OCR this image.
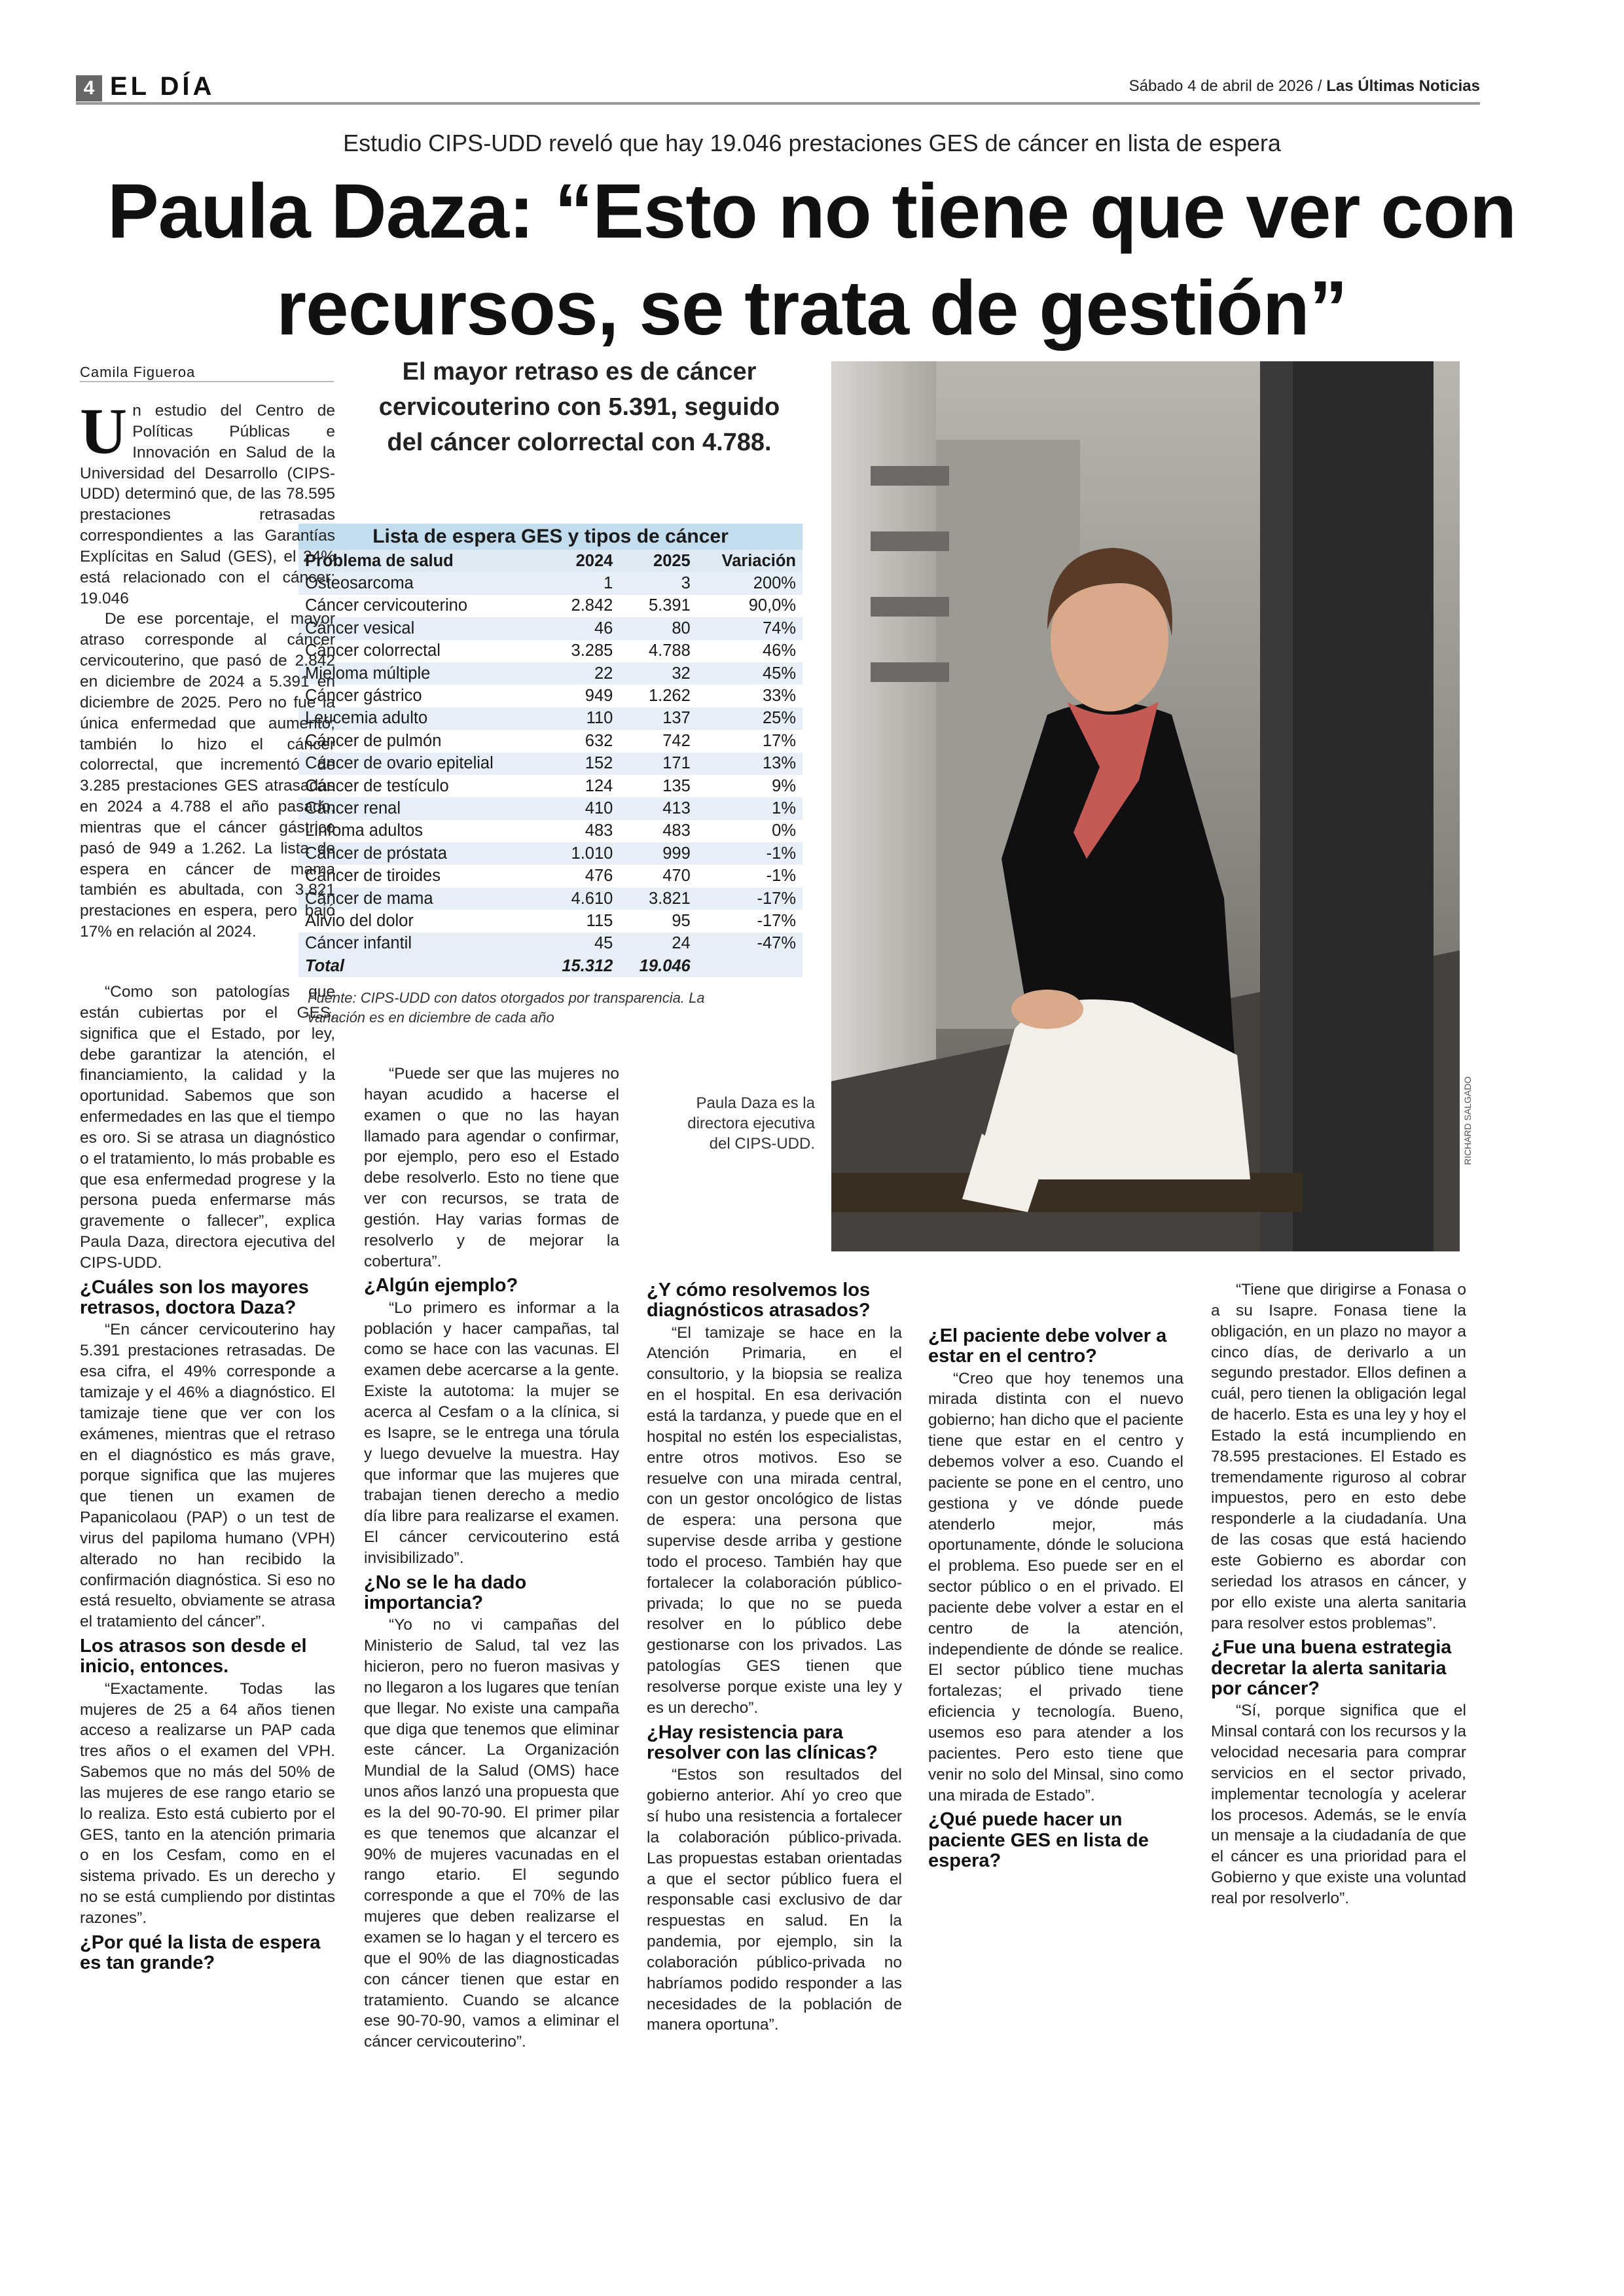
4 EL DÍA	Sábado 4 de abril de 2026 / Las Últimas Noticias
Estudio CIPS-UDD reveló que hay 19.046 prestaciones GES de cáncer en lista de espera
Paula Daza: “Esto no tiene que ver con
recursos, se trata de gestión”
Camila Figueroa	El mayor retraso es de cáncer cervicouterino con 5.391, seguido del cáncer colorrectal con 4.788.
Paula Daza es la directora ejecutiva del CIPS-UDD.	RICHARD SALGADO
Lista de espera GES y tipos de cáncer			
Problema de salud	2024	2025	Variación
Osteosarcoma	1	3	200%
Cáncer cervicouterino	2.842	5.391	90,0%
Cáncer vesical	46	80	74%
Cáncer colorrectal	3.285	4.788	46%
Mieloma múltiple	22	32	45%
Cáncer gástrico	949	1.262	33%
Leucemia adulto	110	137	25%
Cáncer de pulmón	632	742	17%
Cáncer de ovario epitelial	152	171	13%
Cáncer de testículo	124	135	9%
Cáncer renal	410	413	1%
Linfoma adultos	483	483	0%
Cáncer de próstata	1.010	999	-1%
Cáncer de tiroides	476	470	-1%
Cáncer de mama	4.610	3.821	-17%
Alivio del dolor	115	95	-17%
Cáncer infantil	45	24	-47%
Total	15.312	19.046	
Fuente: CIPS-UDD con datos otorgados por transparencia. La variación es en diciembre de cada año

Un estudio del Centro de Políticas Públicas e Innovación en Salud de la Universidad del Desarrollo (CIPS-UDD) determinó que, de las 78.595 prestaciones retrasadas correspondientes a las Garantías Explícitas en Salud (GES), el 24% está relacionado con el cáncer: 19.046

De ese porcentaje, el mayor atraso corresponde al cáncer cervicouterino, que pasó de 2.842 en diciembre de 2024 a 5.391 en diciembre de 2025. Pero no fue la única enfermedad que aumentó; también lo hizo el cáncer colorrectal, que incrementó de 3.285 prestaciones GES atrasadas en 2024 a 4.788 el año pasado, mientras que el cáncer gástrico pasó de 949 a 1.262. La lista de espera en cáncer de mama también es abultada, con 3.821 prestaciones en espera, pero bajó 17% en relación al 2024.

“Como son patologías que están cubiertas por el GES, significa que el Estado, por ley, debe garantizar la atención, el financiamiento, la calidad y la oportunidad. Sabemos que son enfermedades en las que el tiempo es oro. Si se atrasa un diagnóstico o el tratamiento, lo más probable es que esa enfermedad progrese y la persona pueda enfermarse más gravemente o fallecer”, explica Paula Daza, directora ejecutiva del CIPS-UDD.

¿Cuáles son los mayores retrasos, doctora Daza?

“En cáncer cervicouterino hay 5.391 prestaciones retrasadas. De esa cifra, el 49% corresponde a tamizaje y el 46% a diagnóstico. El tamizaje tiene que ver con los exámenes, mientras que el retraso en el diagnóstico es más grave, porque significa que las mujeres que tienen un examen de Papanicolaou (PAP) o un test de virus del papiloma humano (VPH) alterado no han recibido la confirmación diagnóstica. Si eso no está resuelto, obviamente se atrasa el tratamiento del cáncer”.

Los atrasos son desde el inicio, entonces.

“Exactamente. Todas las mujeres de 25 a 64 años tienen acceso a realizarse un PAP cada tres años o el examen del VPH. Sabemos que no más del 50% de las mujeres de ese rango etario se lo realiza. Esto está cubierto por el GES, tanto en la atención primaria o en los Cesfam, como en el sistema privado. Es un derecho y no se está cumpliendo por distintas razones”.

¿Por qué la lista de espera es tan grande?

“Puede ser que las mujeres no hayan acudido a hacerse el examen o que no las hayan llamado para agendar o confirmar, por ejemplo, pero eso el Estado debe resolverlo. Esto no tiene que ver con recursos, se trata de gestión. Hay varias formas de resolverlo y de mejorar la cobertura”.

¿Algún ejemplo?

“Lo primero es informar a la población y hacer campañas, tal como se hace con las vacunas. El examen debe acercarse a la gente. Existe la autotoma: la mujer se acerca al Cesfam o a la clínica, si es Isapre, se le entrega una tórula y luego devuelve la muestra. Hay que informar que las mujeres que trabajan tienen derecho a medio día libre para realizarse el examen. El cáncer cervicouterino está invisibilizado”.

¿No se le ha dado importancia?

“Yo no vi campañas del Ministerio de Salud, tal vez las hicieron, pero no fueron masivas y no llegaron a los lugares que tenían que llegar. No existe una campaña que diga que tenemos que eliminar este cáncer. La Organización Mundial de la Salud (OMS) hace unos años lanzó una propuesta que es la del 90-70-90. El primer pilar es que tenemos que alcanzar el 90% de mujeres vacunadas en el rango etario. El segundo corresponde a que el 70% de las mujeres que deben realizarse el examen se lo hagan y el tercero es que el 90% de las diagnosticadas con cáncer tienen que estar en tratamiento. Cuando se alcance ese 90-70-90, vamos a eliminar el cáncer cervicouterino”.

¿Y cómo resolvemos los diagnósticos atrasados?

“El tamizaje se hace en la Atención Primaria, en el consultorio, y la biopsia se realiza en el hospital. En esa derivación está la tardanza, y puede que en el hospital no estén los especialistas, entre otros motivos. Eso se resuelve con una mirada central, con un gestor oncológico de listas de espera: una persona que supervise desde arriba y gestione todo el proceso. También hay que fortalecer la colaboración público-privada; lo que no se pueda resolver en lo público debe gestionarse con los privados. Las patologías GES tienen que resolverse porque existe una ley y es un derecho”.

¿Hay resistencia para resolver con las clínicas?

“Estos son resultados del gobierno anterior. Ahí yo creo que sí hubo una resistencia a fortalecer la colaboración público-privada. Las propuestas estaban orientadas a que el sector público fuera el responsable casi exclusivo de dar respuestas en salud. En la pandemia, por ejemplo, sin la colaboración público-privada no habríamos podido responder a las necesidades de la población de manera oportuna”.

¿El paciente debe volver a estar en el centro?

“Creo que hoy tenemos una mirada distinta con el nuevo gobierno; han dicho que el paciente tiene que estar en el centro y debemos volver a eso. Cuando el paciente se pone en el centro, uno gestiona y ve dónde puede atenderlo mejor, más oportunamente, dónde le soluciona el problema. Eso puede ser en el sector público o en el privado. El paciente debe volver a estar en el centro de la atención, independiente de dónde se realice. El sector público tiene muchas fortalezas; el privado tiene eficiencia y tecnología. Bueno, usemos eso para atender a los pacientes. Pero esto tiene que venir no solo del Minsal, sino como una mirada de Estado”.

¿Qué puede hacer un paciente GES en lista de espera?

“Tiene que dirigirse a Fonasa o a su Isapre. Fonasa tiene la obligación, en un plazo no mayor a cinco días, de derivarlo a un segundo prestador. Ellos definen a cuál, pero tienen la obligación legal de hacerlo. Esta es una ley y hoy el Estado la está incumpliendo en 78.595 prestaciones. El Estado es tremendamente riguroso al cobrar impuestos, pero en esto debe responderle a la ciudadanía. Una de las cosas que está haciendo este Gobierno es abordar con seriedad los atrasos en cáncer, y por ello existe una alerta sanitaria para resolver estos problemas”.

¿Fue una buena estrategia decretar la alerta sanitaria por cáncer?

“Sí, porque significa que el Minsal contará con los recursos y la velocidad necesaria para comprar servicios en el sector privado, implementar tecnología y acelerar los procesos. Además, se le envía un mensaje a la ciudadanía de que el cáncer es una prioridad para el Gobierno y que existe una voluntad real por resolverlo”.
